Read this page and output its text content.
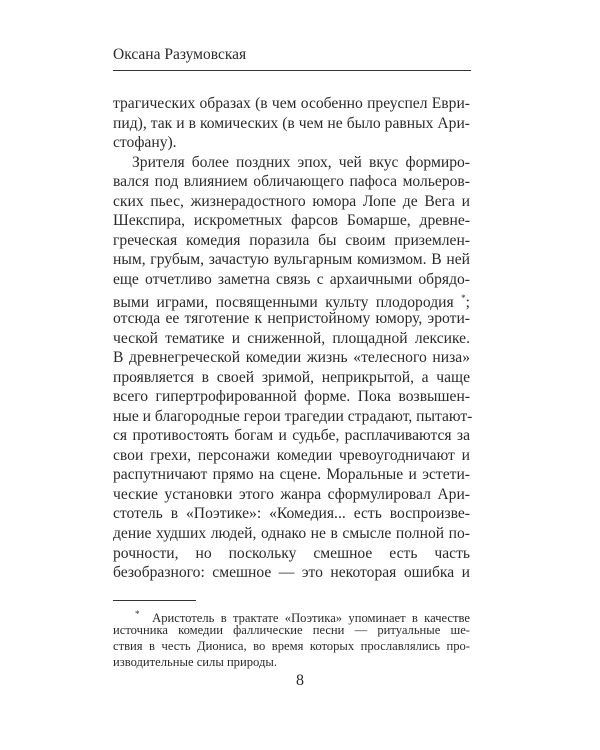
Оксана Разумовская
трагических образах (в чем особенно преуспел Еври-
пид), так и в комических (в чем не было равных Ари-
стофану).
Зрителя более поздних эпох, чей вкус формиро-
вался под влиянием обличающего пафоса мольеров-
ских пьес, жизнерадостного юмора Лопе де Вега и
Шекспира, искрометных фарсов Бомарше, древне-
греческая комедия поразила бы своим приземлен-
ным, грубым, зачастую вульгарным комизмом. В ней
еще отчетливо заметна связь с архаичными обрядо-
выми играми, посвященными культу плодородия *;
отсюда ее тяготение к непристойному юмору, эроти-
ческой тематике и сниженной, площадной лексике.
В древнегреческой комедии жизнь «телесного низа»
проявляется в своей зримой, неприкрытой, а чаще
всего гипертрофированной форме. Пока возвышен-
ные и благородные герои трагедии страдают, пытают-
ся противостоять богам и судьбе, расплачиваются за
свои грехи, персонажи комедии чревоугодничают и
распутничают прямо на сцене. Моральные и эстети-
ческие установки этого жанра сформулировал Ари-
стотель в «Поэтике»: «Комедия... есть воспроизве-
дение худших людей, однако не в смысле полной по-
рочности, но поскольку смешное есть часть
безобразного: смешное — это некоторая ошибка и
* Аристотель в трактате «Поэтика» упоминает в качестве
источника комедии фаллические песни — ритуальные ше-
ствия в честь Диониса, во время которых прославлялись про-
изводительные силы природы.
8
